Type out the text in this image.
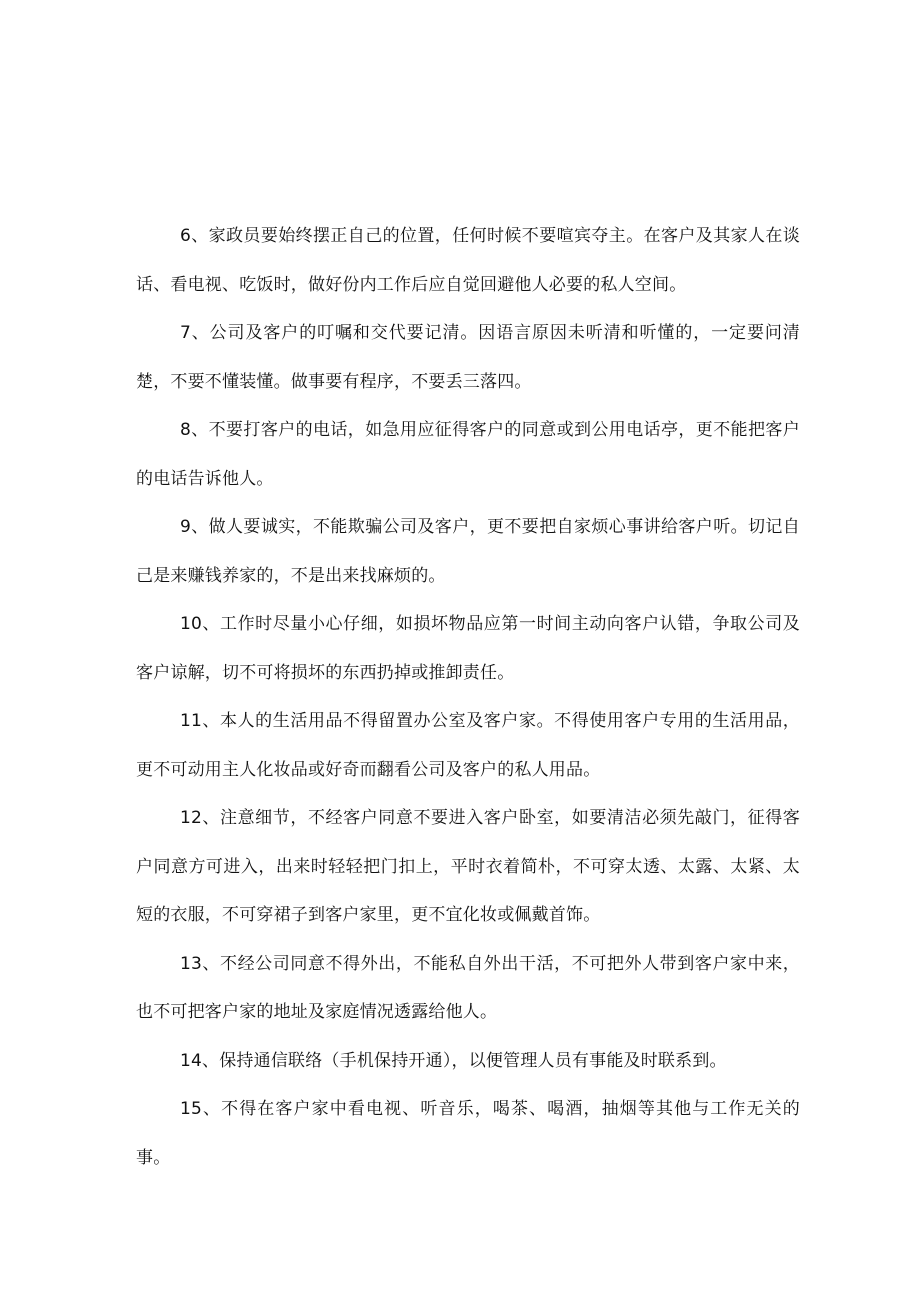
6、家政员要始终摆正自己的位置，任何时候不要喧宾夺主。在客户及其家人在谈话、看电视、吃饭时，做好份内工作后应自觉回避他人必要的私人空间。

7、公司及客户的叮嘱和交代要记清。因语言原因未听清和听懂的，一定要问清楚，不要不懂装懂。做事要有程序，不要丢三落四。

8、不要打客户的电话，如急用应征得客户的同意或到公用电话亭，更不能把客户的电话告诉他人。

9、做人要诚实，不能欺骗公司及客户，更不要把自家烦心事讲给客户听。切记自己是来赚钱养家的，不是出来找麻烦的。

10、工作时尽量小心仔细，如损坏物品应第一时间主动向客户认错，争取公司及客户谅解，切不可将损坏的东西扔掉或推卸责任。

11、本人的生活用品不得留置办公室及客户家。不得使用客户专用的生活用品，更不可动用主人化妆品或好奇而翻看公司及客户的私人用品。

12、注意细节，不经客户同意不要进入客户卧室，如要清洁必须先敲门，征得客户同意方可进入，出来时轻轻把门扣上，平时衣着简朴，不可穿太透、太露、太紧、太短的衣服，不可穿裙子到客户家里，更不宜化妆或佩戴首饰。

13、不经公司同意不得外出，不能私自外出干活，不可把外人带到客户家中来，也不可把客户家的地址及家庭情况透露给他人。

14、保持通信联络（手机保持开通），以便管理人员有事能及时联系到。

15、不得在客户家中看电视、听音乐，喝茶、喝酒，抽烟等其他与工作无关的事。
